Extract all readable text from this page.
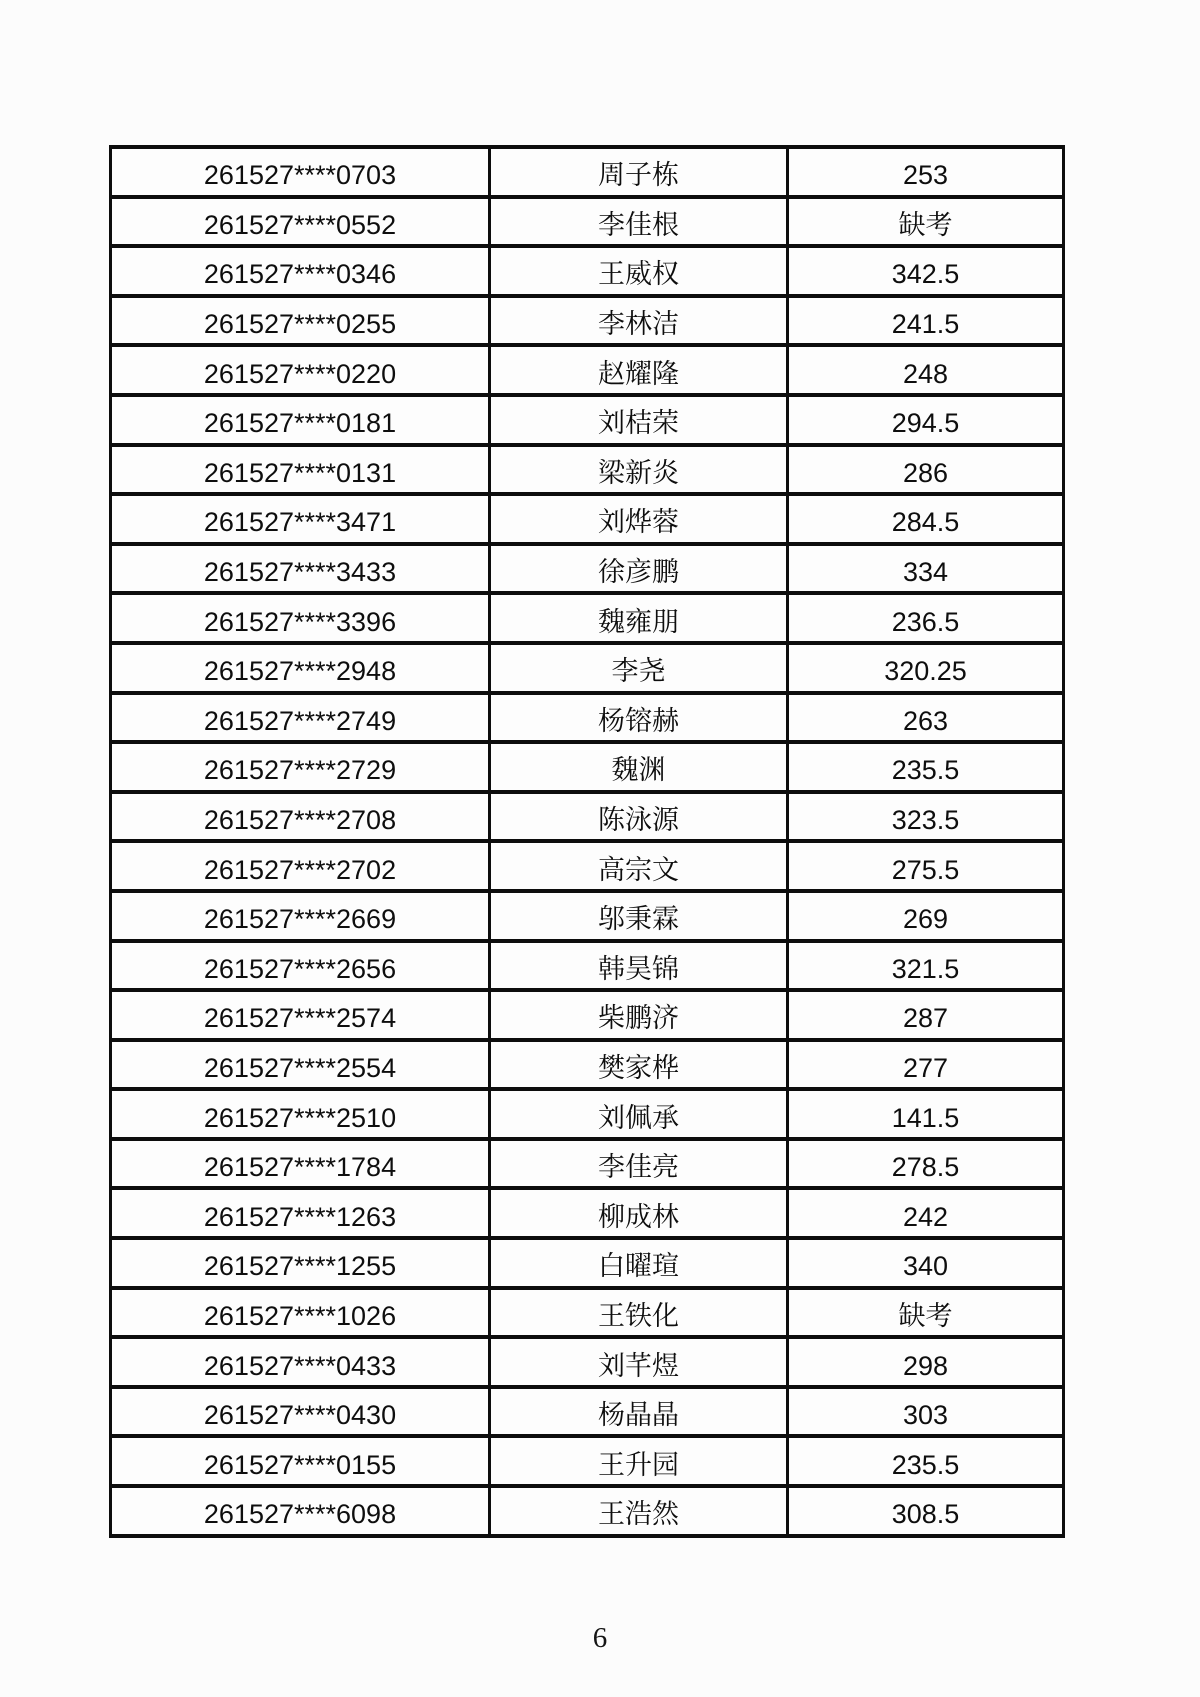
261527****0703	周子栋	253
261527****0552	李佳根	缺考
261527****0346	王威权	342.5
261527****0255	李林洁	241.5
261527****0220	赵耀隆	248
261527****0181	刘桔荣	294.5
261527****0131	梁新炎	286
261527****3471	刘烨蓉	284.5
261527****3433	徐彦鹏	334
261527****3396	魏雍朋	236.5
261527****2948	李尧	320.25
261527****2749	杨镕赫	263
261527****2729	魏渊	235.5
261527****2708	陈泳源	323.5
261527****2702	高宗文	275.5
261527****2669	邬秉霖	269
261527****2656	韩昊锦	321.5
261527****2574	柴鹏济	287
261527****2554	樊家桦	277
261527****2510	刘佩承	141.5
261527****1784	李佳亮	278.5
261527****1263	柳成林	242
261527****1255	白曜瑄	340
261527****1026	王铁化	缺考
261527****0433	刘芊煜	298
261527****0430	杨晶晶	303
261527****0155	王升园	235.5
261527****6098	王浩然	308.5
6
